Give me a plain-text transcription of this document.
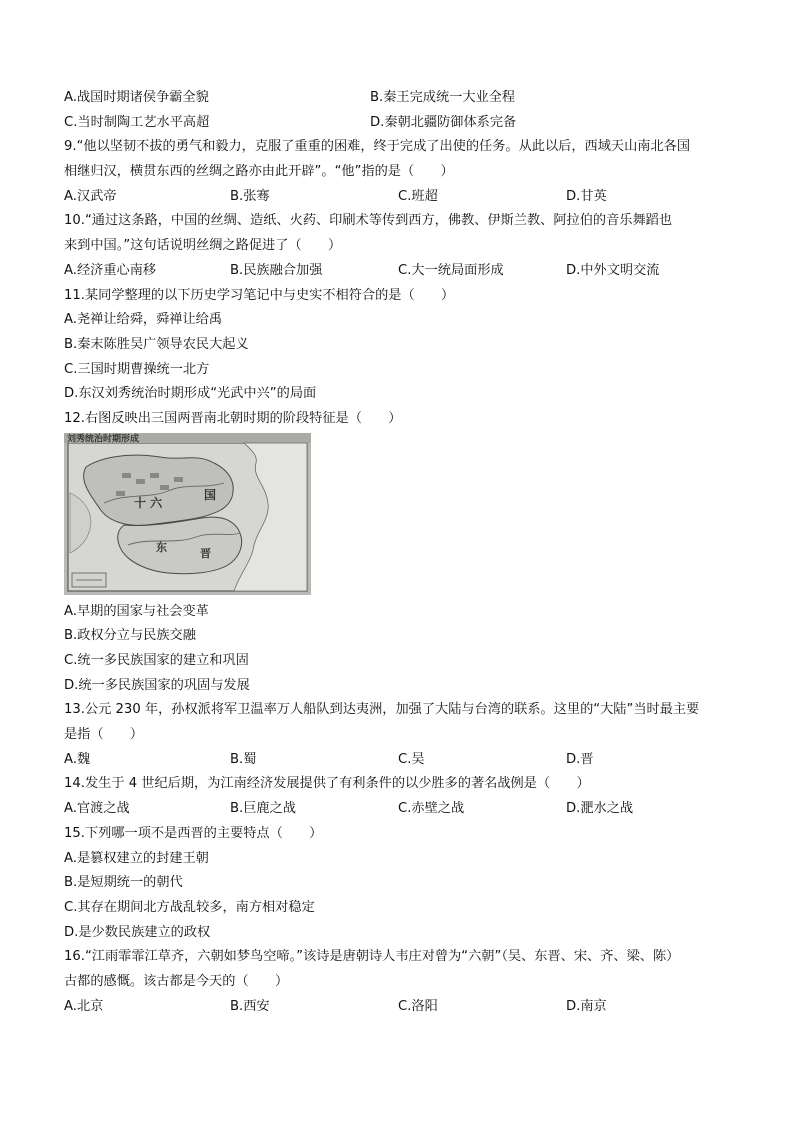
A.战国时期诸侯争霸全貌	B.秦王完成统一大业全程
C.当时制陶工艺水平高超	D.秦朝北疆防御体系完备
9.“他以坚韧不拔的勇气和毅力，克服了重重的困难，终于完成了出使的任务。从此以后，西域天山南北各国
相继归汉，横贯东西的丝绸之路亦由此开辟”。“他”指的是（　　）
A.汉武帝	B.张骞	C.班超	D.甘英
10.“通过这条路，中国的丝绸、造纸、火药、印刷术等传到西方，佛教、伊斯兰教、阿拉伯的音乐舞蹈也
来到中国。”这句话说明丝绸之路促进了（　　）
A.经济重心南移	B.民族融合加强	C.大一统局面形成	D.中外文明交流
11.某同学整理的以下历史学习笔记中与史实不相符合的是（　　）
A.尧禅让给舜，舜禅让给禹
B.秦末陈胜吴广领导农民大起义
C.三国时期曹操统一北方
D.东汉刘秀统治时期形成“光武中兴”的局面
12.右图反映出三国两晋南北朝时期的阶段特征是（　　）
刘秀统治时期形成
十 六
国
东	晋
A.早期的国家与社会变革
B.政权分立与民族交融
C.统一多民族国家的建立和巩固
D.统一多民族国家的巩固与发展
13.公元 230 年，孙权派将军卫温率万人船队到达夷洲，加强了大陆与台湾的联系。这里的“大陆”当时最主要
是指（　　）
A.魏	B.蜀	C.吴	D.晋
14.发生于 4 世纪后期，为江南经济发展提供了有利条件的以少胜多的著名战例是（　　）
A.官渡之战	B.巨鹿之战	C.赤壁之战	D.淝水之战
15.下列哪一项不是西晋的主要特点（　　）
A.是篡权建立的封建王朝
B.是短期统一的朝代
C.其存在期间北方战乱较多，南方相对稳定
D.是少数民族建立的政权
16.“江雨霏霏江草齐，六朝如梦鸟空啼。”该诗是唐朝诗人韦庄对曾为“六朝”（吴、东晋、宋、齐、梁、陈）
古都的感慨。该古都是今天的（　　）
A.北京	B.西安	C.洛阳	D.南京
